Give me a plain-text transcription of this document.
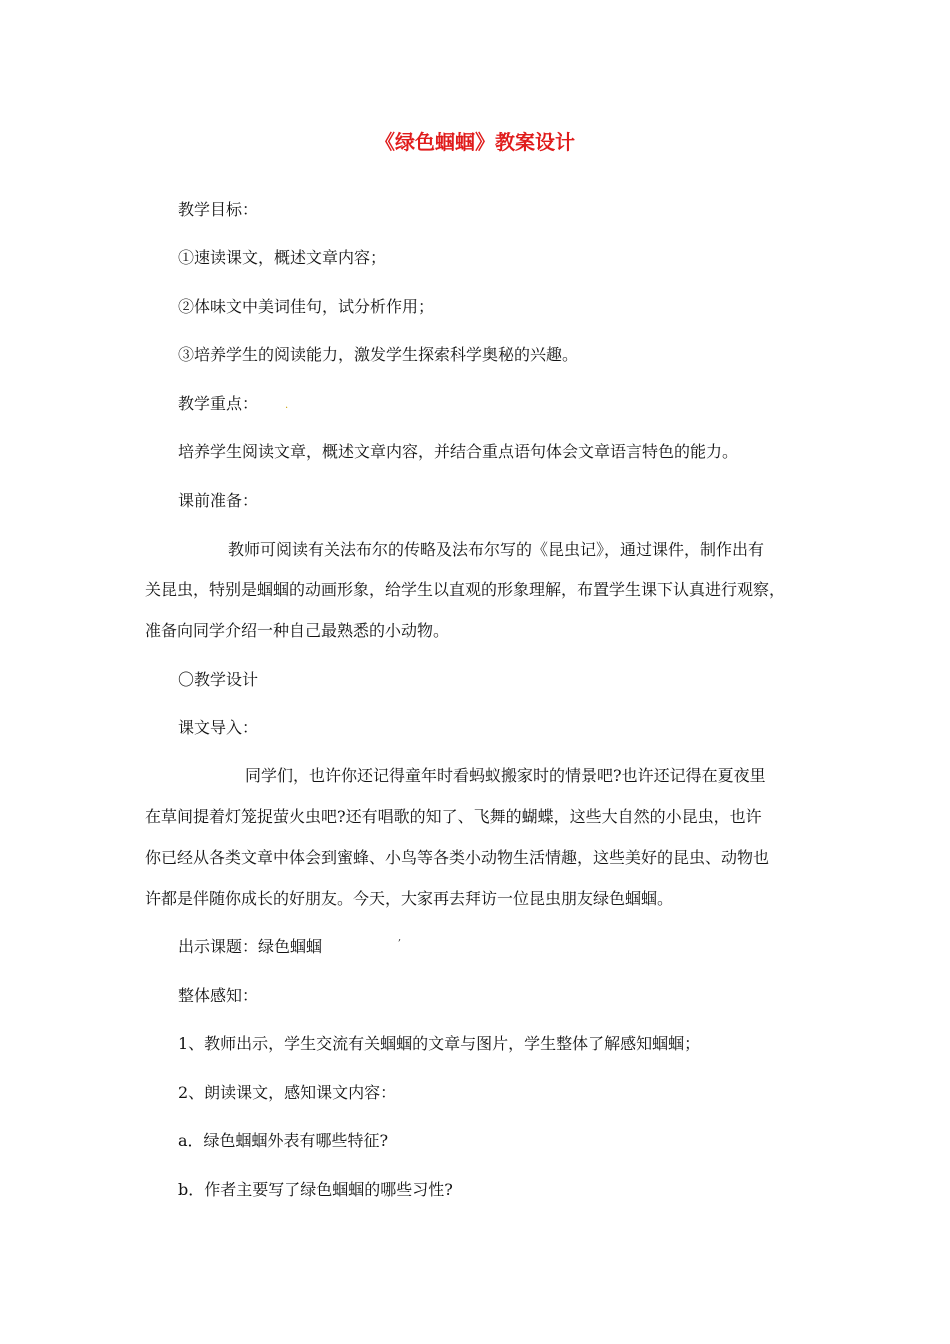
《绿色蝈蝈》教案设计
教学目标：
①速读课文，概述文章内容；
②体味文中美词佳句，试分析作用；
③培养学生的阅读能力，激发学生探索科学奥秘的兴趣。
教学重点：	.
培养学生阅读文章，概述文章内容，并结合重点语句体会文章语言特色的能力。
课前准备：
教师可阅读有关法布尔的传略及法布尔写的《昆虫记》，通过课件，制作出有
关昆虫，特别是蝈蝈的动画形象，给学生以直观的形象理解，布置学生课下认真进行观察，
准备向同学介绍一种自己最熟悉的小动物。
〇教学设计
课文导入：
同学们，也许你还记得童年时看蚂蚁搬家时的情景吧?也许还记得在夏夜里
在草间提着灯笼捉萤火虫吧?还有唱歌的知了、飞舞的蝴蝶，这些大自然的小昆虫，也许
你已经从各类文章中体会到蜜蜂、小鸟等各类小动物生活情趣，这些美好的昆虫、动物也
许都是伴随你成长的好朋友。今天，大家再去拜访一位昆虫朋友绿色蝈蝈。
出示课题：绿色蝈蝈	,
整体感知：
1、教师出示，学生交流有关蝈蝈的文章与图片，学生整体了解感知蝈蝈；
2、朗读课文，感知课文内容：
a．绿色蝈蝈外表有哪些特征?
b．作者主要写了绿色蝈蝈的哪些习性?
